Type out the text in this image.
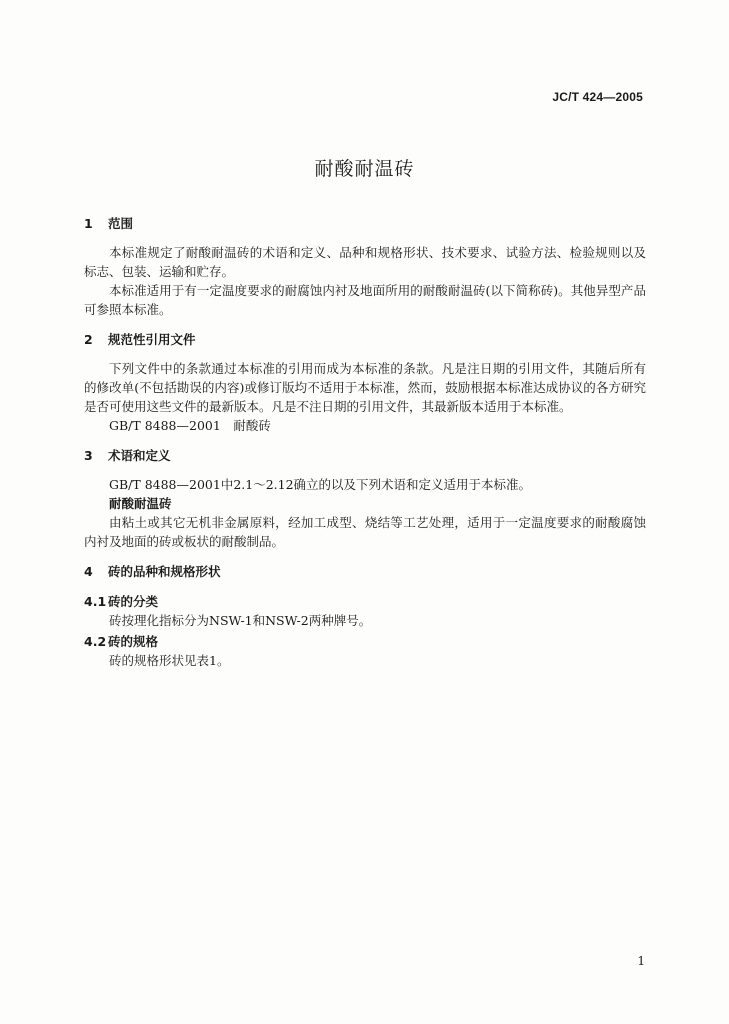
JC/T 424—2005
耐酸耐温砖
1 范围

本标准规定了耐酸耐温砖的术语和定义、品种和规格形状、技术要求、试验方法、检验规则以及标志、包装、运输和贮存。

本标准适用于有一定温度要求的耐腐蚀内衬及地面所用的耐酸耐温砖(以下简称砖)。其他异型产品可参照本标准。

2 规范性引用文件

下列文件中的条款通过本标准的引用而成为本标准的条款。凡是注日期的引用文件，其随后所有的修改单(不包括勘误的内容)或修订版均不适用于本标准，然而，鼓励根据本标准达成协议的各方研究是否可使用这些文件的最新版本。凡是不注日期的引用文件，其最新版本适用于本标准。

GB/T 8488—2001　耐酸砖

3 术语和定义

GB/T 8488—2001中2.1～2.12确立的以及下列术语和定义适用于本标准。

耐酸耐温砖

由粘土或其它无机非金属原料，经加工成型、烧结等工艺处理，适用于一定温度要求的耐酸腐蚀内衬及地面的砖或板状的耐酸制品。

4 砖的品种和规格形状
4.1 砖的分类

砖按理化指标分为NSW-1和NSW-2两种牌号。

4.2 砖的规格

砖的规格形状见表1。

1
